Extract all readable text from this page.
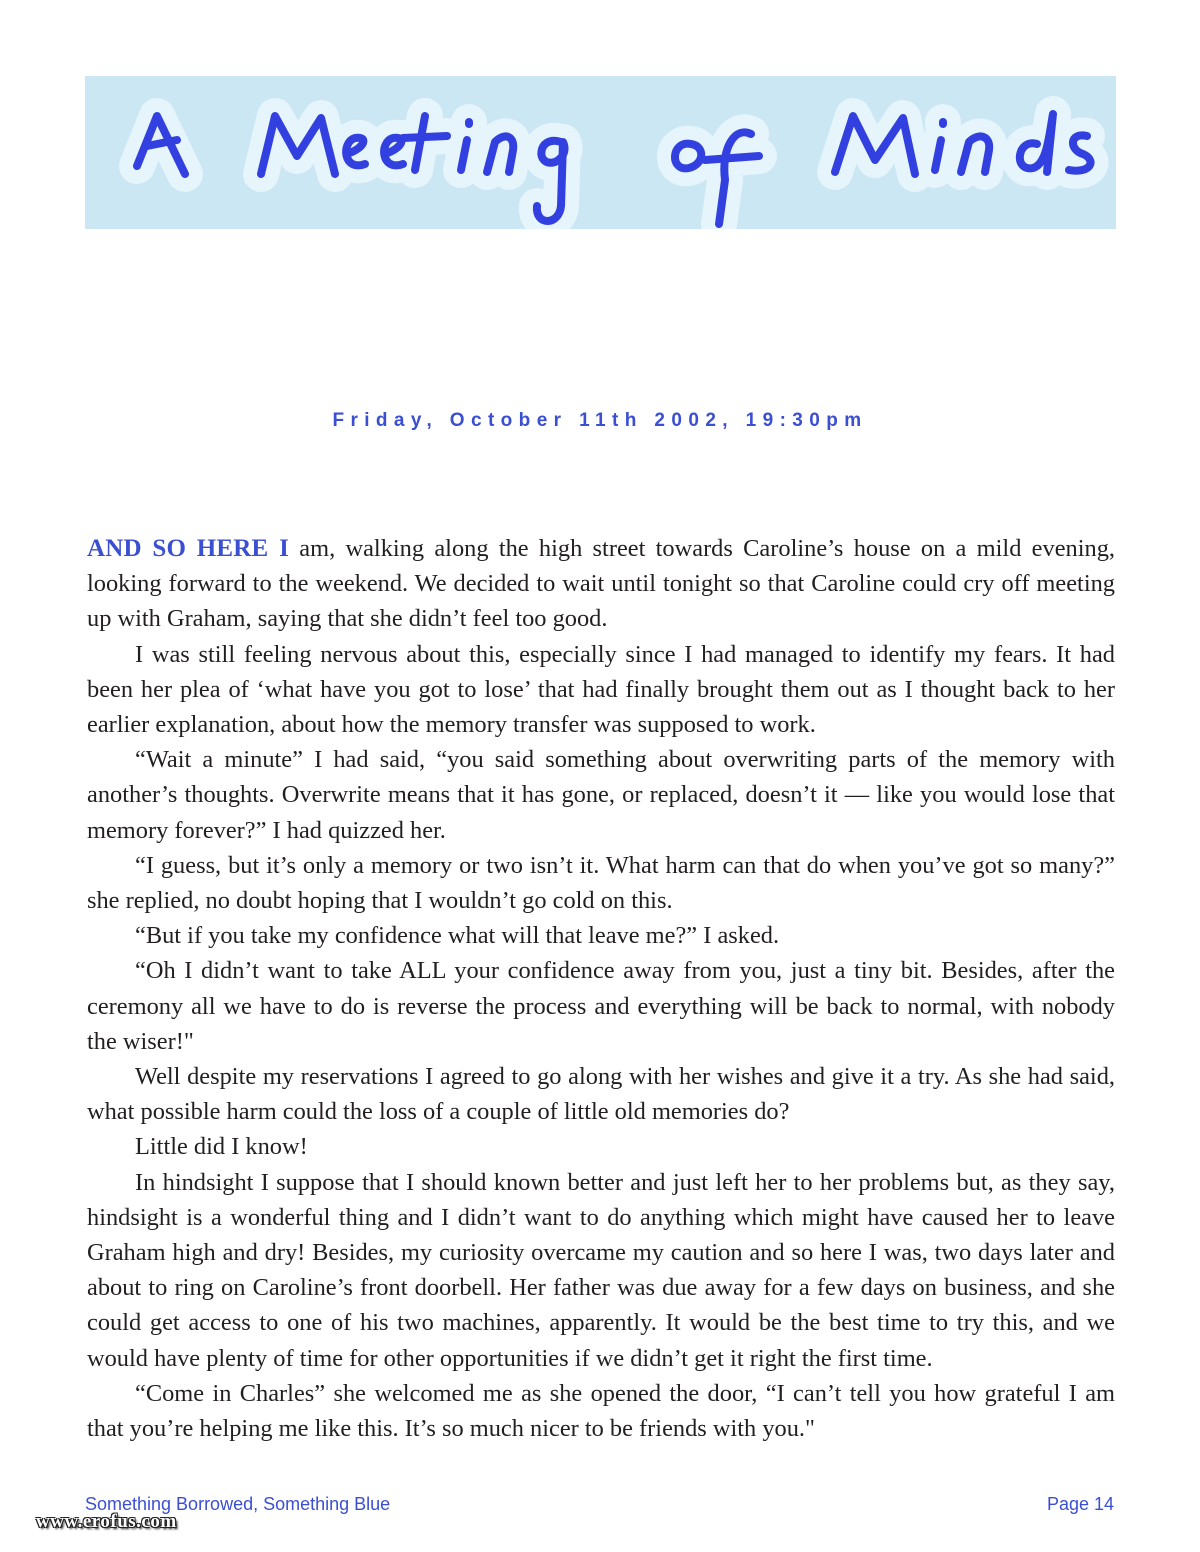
Friday, October 11th 2002, 19:30pm

AND SO HERE I am, walking along the high street towards Caroline’s house on a mild evening, looking forward to the weekend. We decided to wait until tonight so that Caroline could cry off meeting up with Graham, saying that she didn’t feel too good.

I was still feeling nervous about this, especially since I had managed to identify my fears. It had been her plea of ‘what have you got to lose’ that had finally brought them out as I thought back to her earlier explanation, about how the memory transfer was supposed to work.

“Wait a minute” I had said, “you said something about overwriting parts of the memory with another’s thoughts. Overwrite means that it has gone, or replaced, doesn’t it — like you would lose that memory forever?” I had quizzed her.

“I guess, but it’s only a memory or two isn’t it. What harm can that do when you’ve got so many?” she replied, no doubt hoping that I wouldn’t go cold on this.

“But if you take my confidence what will that leave me?” I asked.

“Oh I didn’t want to take ALL your confidence away from you, just a tiny bit. Besides, after the ceremony all we have to do is reverse the process and everything will be back to normal, with nobody the wiser!"

Well despite my reservations I agreed to go along with her wishes and give it a try. As she had said, what possible harm could the loss of a couple of little old memories do?

Little did I know!

In hindsight I suppose that I should known better and just left her to her problems but, as they say, hindsight is a wonderful thing and I didn’t want to do anything which might have caused her to leave Graham high and dry! Besides, my curiosity overcame my caution and so here I was, two days later and about to ring on Caroline’s front doorbell. Her father was due away for a few days on business, and she could get access to one of his two machines, apparently. It would be the best time to try this, and we would have plenty of time for other opportunities if we didn’t get it right the first time.

“Come in Charles” she welcomed me as she opened the door, “I can’t tell you how grateful I am that you’re helping me like this. It’s so much nicer to be friends with you."

Something Borrowed, Something Blue	Page 14
www.erofus.com
